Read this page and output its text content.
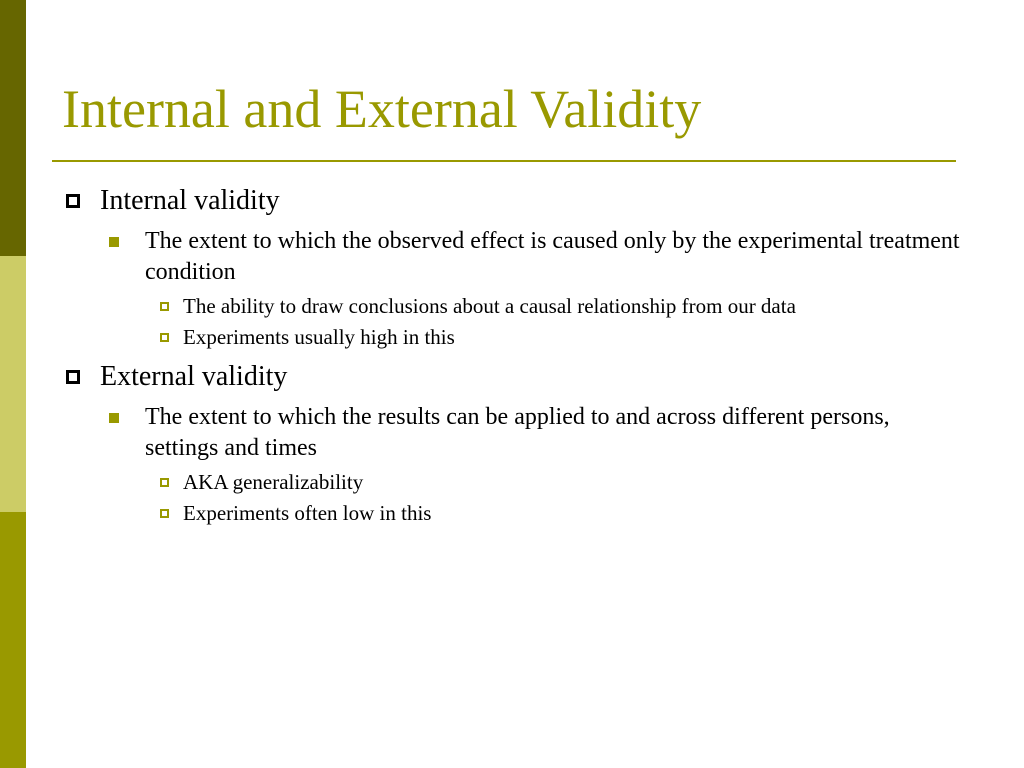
Internal and External Validity
Internal validity
The extent to which the observed effect is caused only by the experimental treatment condition
The ability to draw conclusions about a causal relationship from our data
Experiments usually high in this
External validity
The extent to which the results can be applied to and across different persons, settings and times
AKA generalizability
Experiments often low in this
